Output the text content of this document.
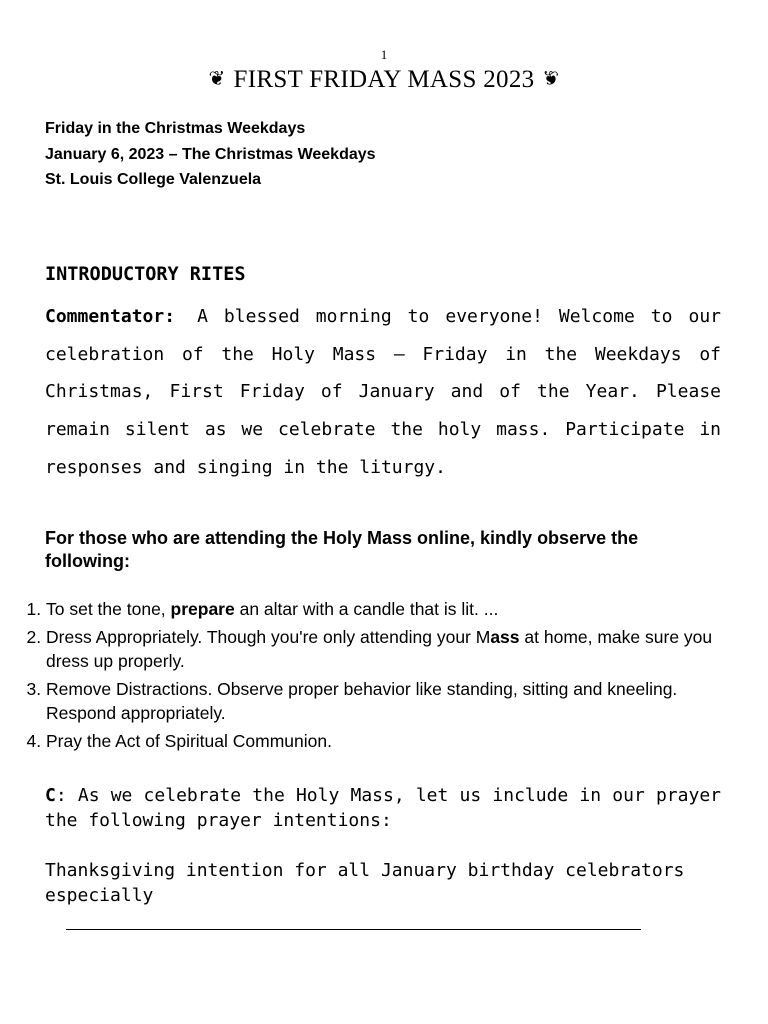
1
❦ FIRST FRIDAY MASS 2023 ❦
Friday in the Christmas Weekdays
January 6, 2023 – The Christmas Weekdays
St. Louis College Valenzuela
INTRODUCTORY RITES
Commentator: A blessed morning to everyone! Welcome to our celebration of the Holy Mass – Friday in the Weekdays of Christmas, First Friday of January and of the Year. Please remain silent as we celebrate the holy mass. Participate in responses and singing in the liturgy.
For those who are attending the Holy Mass online, kindly observe the following:
1. To set the tone, prepare an altar with a candle that is lit. ...
2. Dress Appropriately. Though you're only attending your Mass at home, make sure you dress up properly.
3. Remove Distractions. Observe proper behavior like standing, sitting and kneeling. Respond appropriately.
4. Pray the Act of Spiritual Communion.
C: As we celebrate the Holy Mass, let us include in our prayer the following prayer intentions:
Thanksgiving intention for all January birthday celebrators especially
